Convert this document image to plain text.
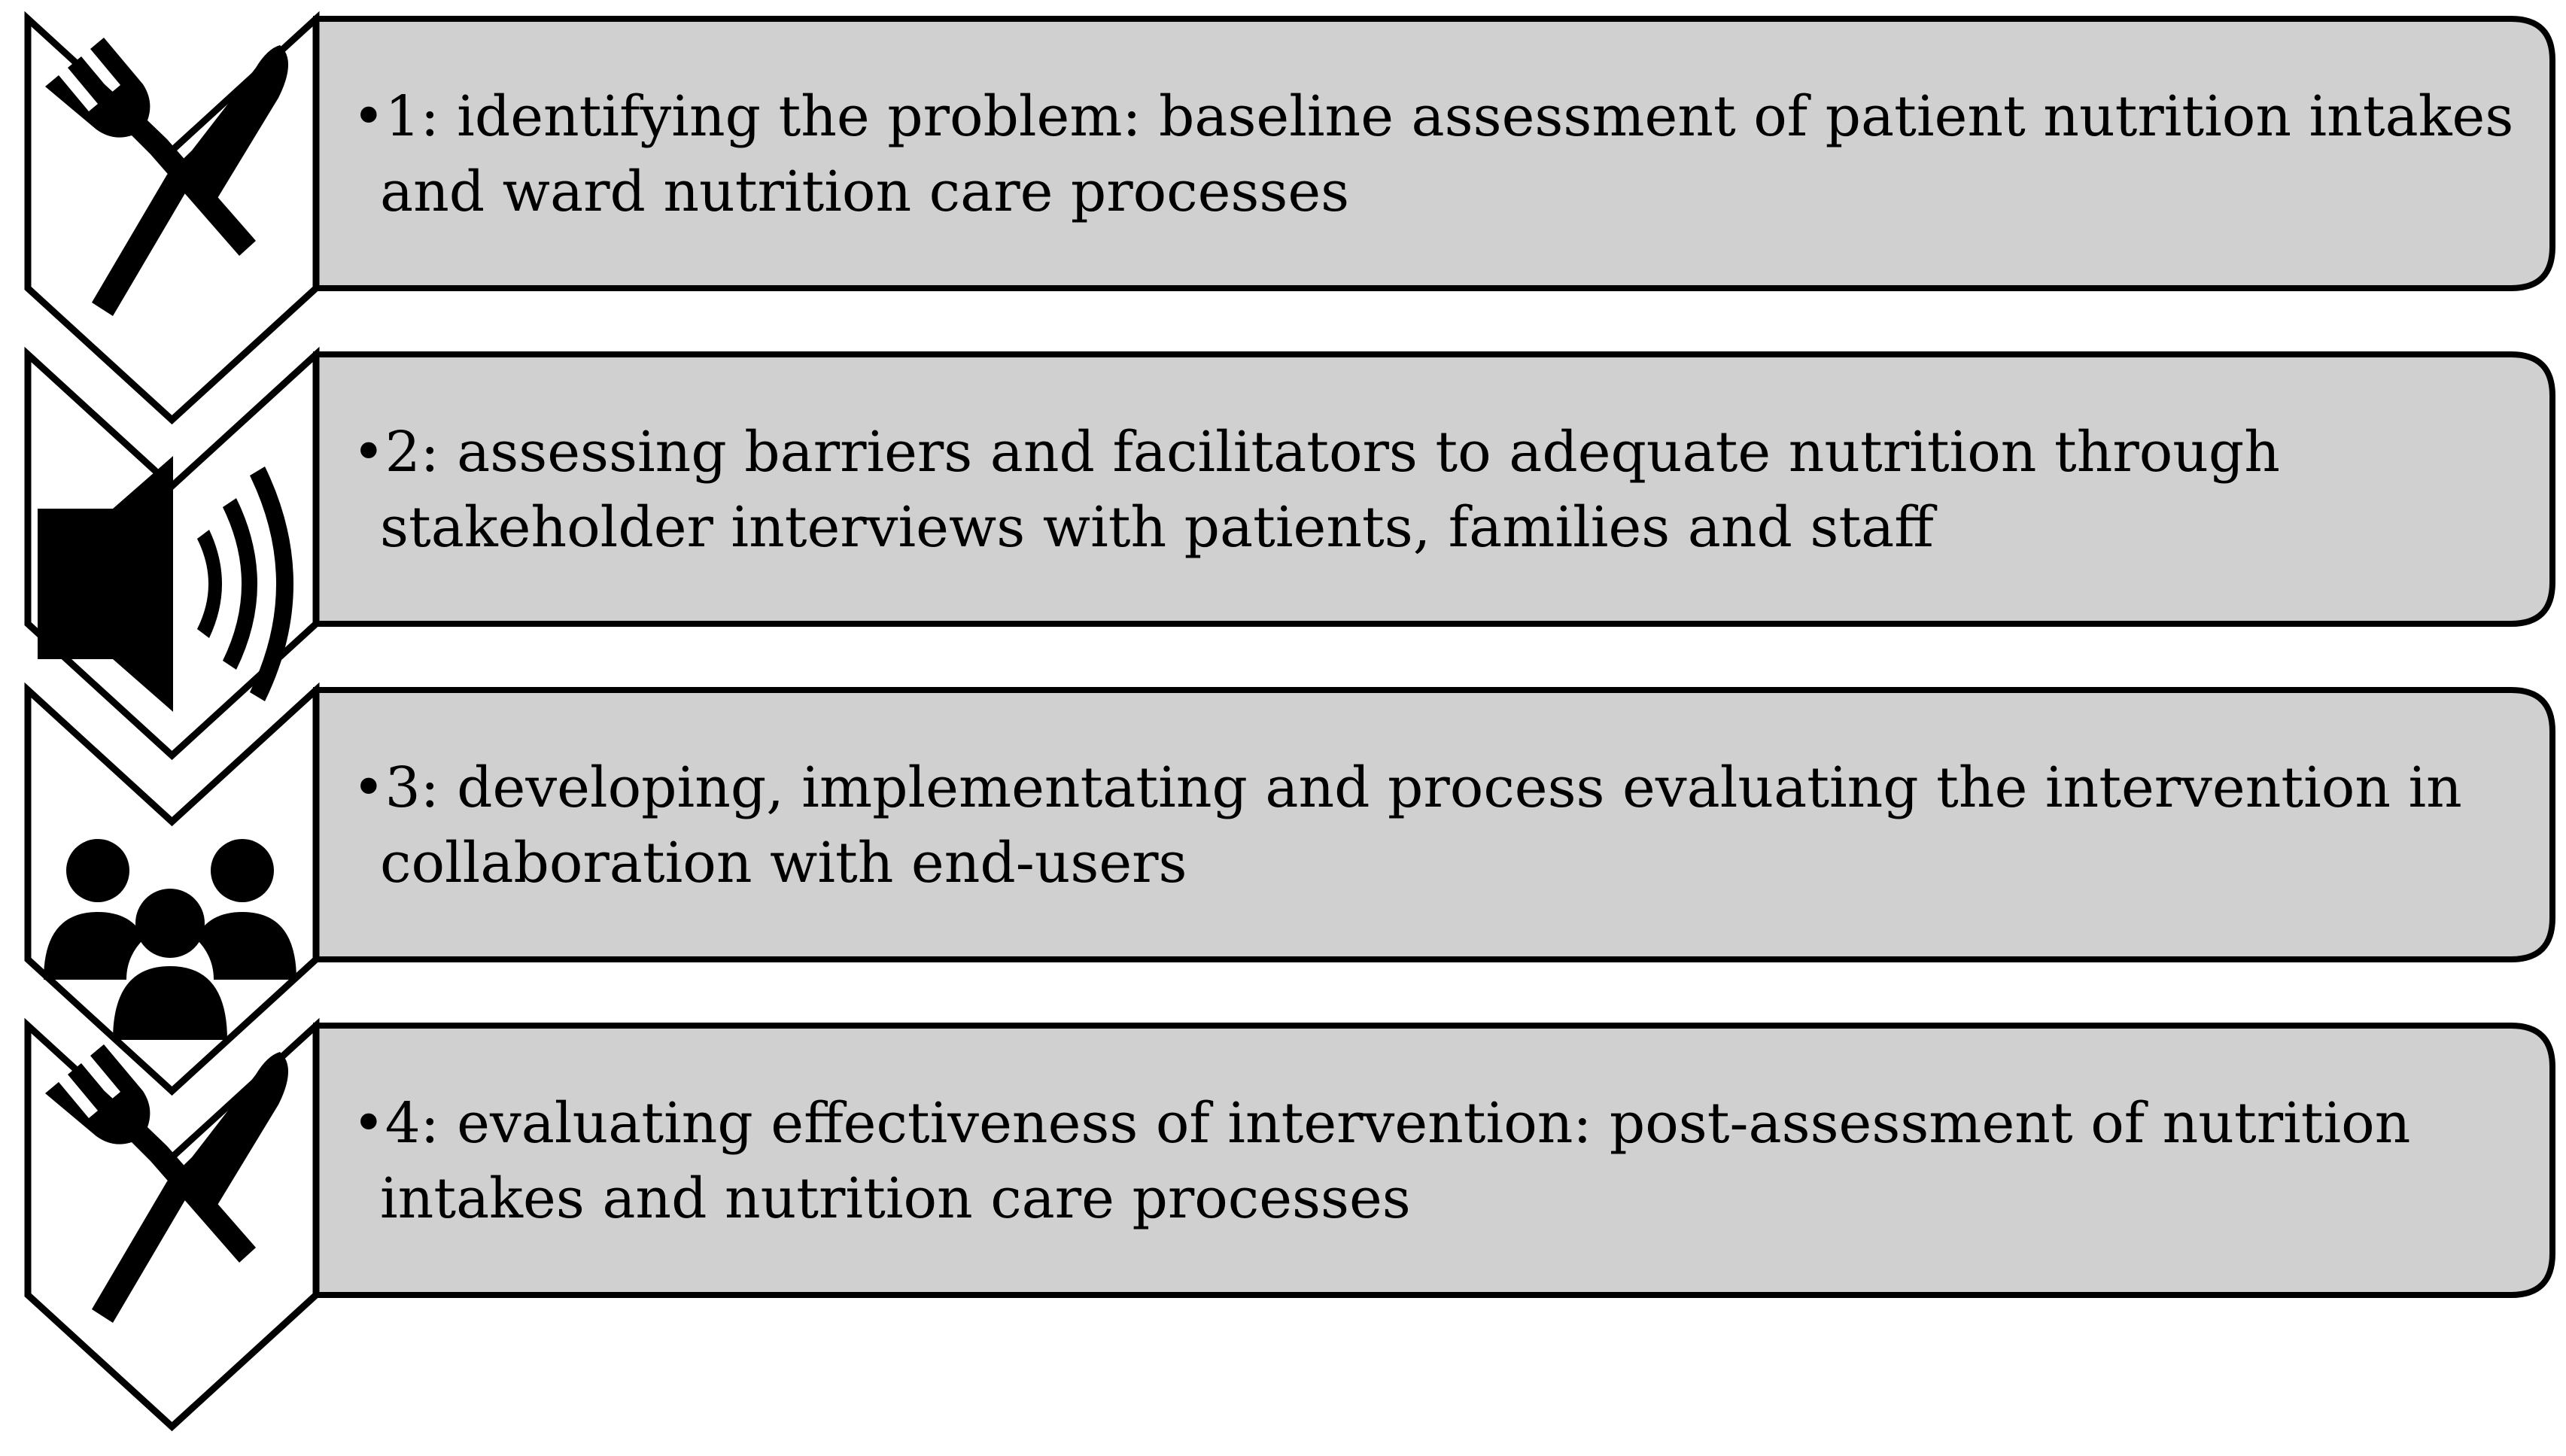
•1: identifying the problem: baseline assessment of patient nutrition intakes
and ward nutrition care processes
•2: assessing barriers and facilitators to adequate nutrition through
stakeholder interviews with patients, families and staff
•3: developing, implementating and process evaluating the intervention in
collaboration with end-users
•4: evaluating effectiveness of intervention: post-assessment of nutrition
intakes and nutrition care processes
